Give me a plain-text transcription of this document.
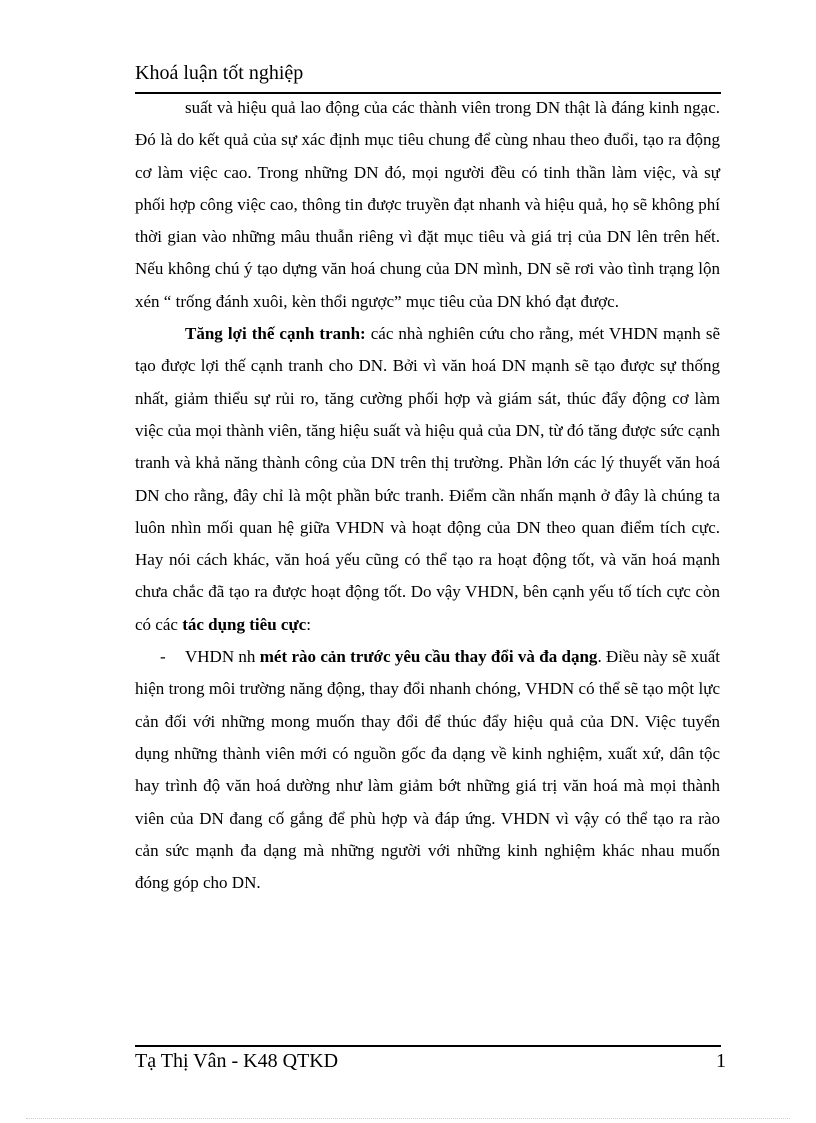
Khoá luận tốt nghiệp

suất và hiệu quả lao động của các thành viên trong DN thật là đáng kinh ngạc. Đó là do kết quả của sự xác định mục tiêu chung để cùng nhau theo đuổi, tạo ra động cơ làm việc cao. Trong những DN đó, mọi người đều có tinh thần làm việc, và sự phối hợp công việc cao, thông tin được truyền đạt nhanh và hiệu quả, họ sẽ không phí thời gian vào những mâu thuẫn riêng vì đặt mục tiêu và giá trị của DN lên trên hết. Nếu không chú ý tạo dựng văn hoá chung của DN mình, DN sẽ rơi vào tình trạng lộn xén “ trống đánh xuôi, kèn thổi ngược” mục tiêu của DN khó đạt được.

Tăng lợi thế cạnh tranh: các nhà nghiên cứu cho rằng, mét VHDN mạnh sẽ tạo được lợi thế cạnh tranh cho DN. Bởi vì văn hoá DN mạnh sẽ tạo được sự thống nhất, giảm thiểu sự rủi ro, tăng cường phối hợp và giám sát, thúc đẩy động cơ làm việc của mọi thành viên, tăng hiệu suất và hiệu quả của DN, từ đó tăng được sức cạnh tranh và khả năng thành công của DN trên thị trường. Phần lớn các lý thuyết văn hoá DN cho rằng, đây chỉ là một phần bức tranh. Điểm cần nhấn mạnh ở đây là chúng ta luôn nhìn mối quan hệ giữa VHDN và hoạt động của DN theo quan điểm tích cực. Hay nói cách khác, văn hoá yếu cũng có thể tạo ra hoạt động tốt, và văn hoá mạnh chưa chắc đã tạo ra được hoạt động tốt. Do vậy VHDN, bên cạnh yếu tố tích cực còn có các tác dụng tiêu cực:

- VHDN nh mét rào cản trước yêu cầu thay đổi và đa dạng. Điều này sẽ xuất hiện trong môi trường năng động, thay đổi nhanh chóng, VHDN có thể sẽ tạo một lực cản đối với những mong muốn thay đổi để thúc đẩy hiệu quả của DN. Việc tuyển dụng những thành viên mới có nguồn gốc đa dạng về kinh nghiệm, xuất xứ, dân tộc hay trình độ văn hoá dường như làm giảm bớt những giá trị văn hoá mà mọi thành viên của DN đang cố gắng để phù hợp và đáp ứng. VHDN vì vậy có thể tạo ra rào cản sức mạnh đa dạng mà những người với những kinh nghiệm khác nhau muốn đóng góp cho DN.

Tạ Thị Vân - K48 QTKD	1
